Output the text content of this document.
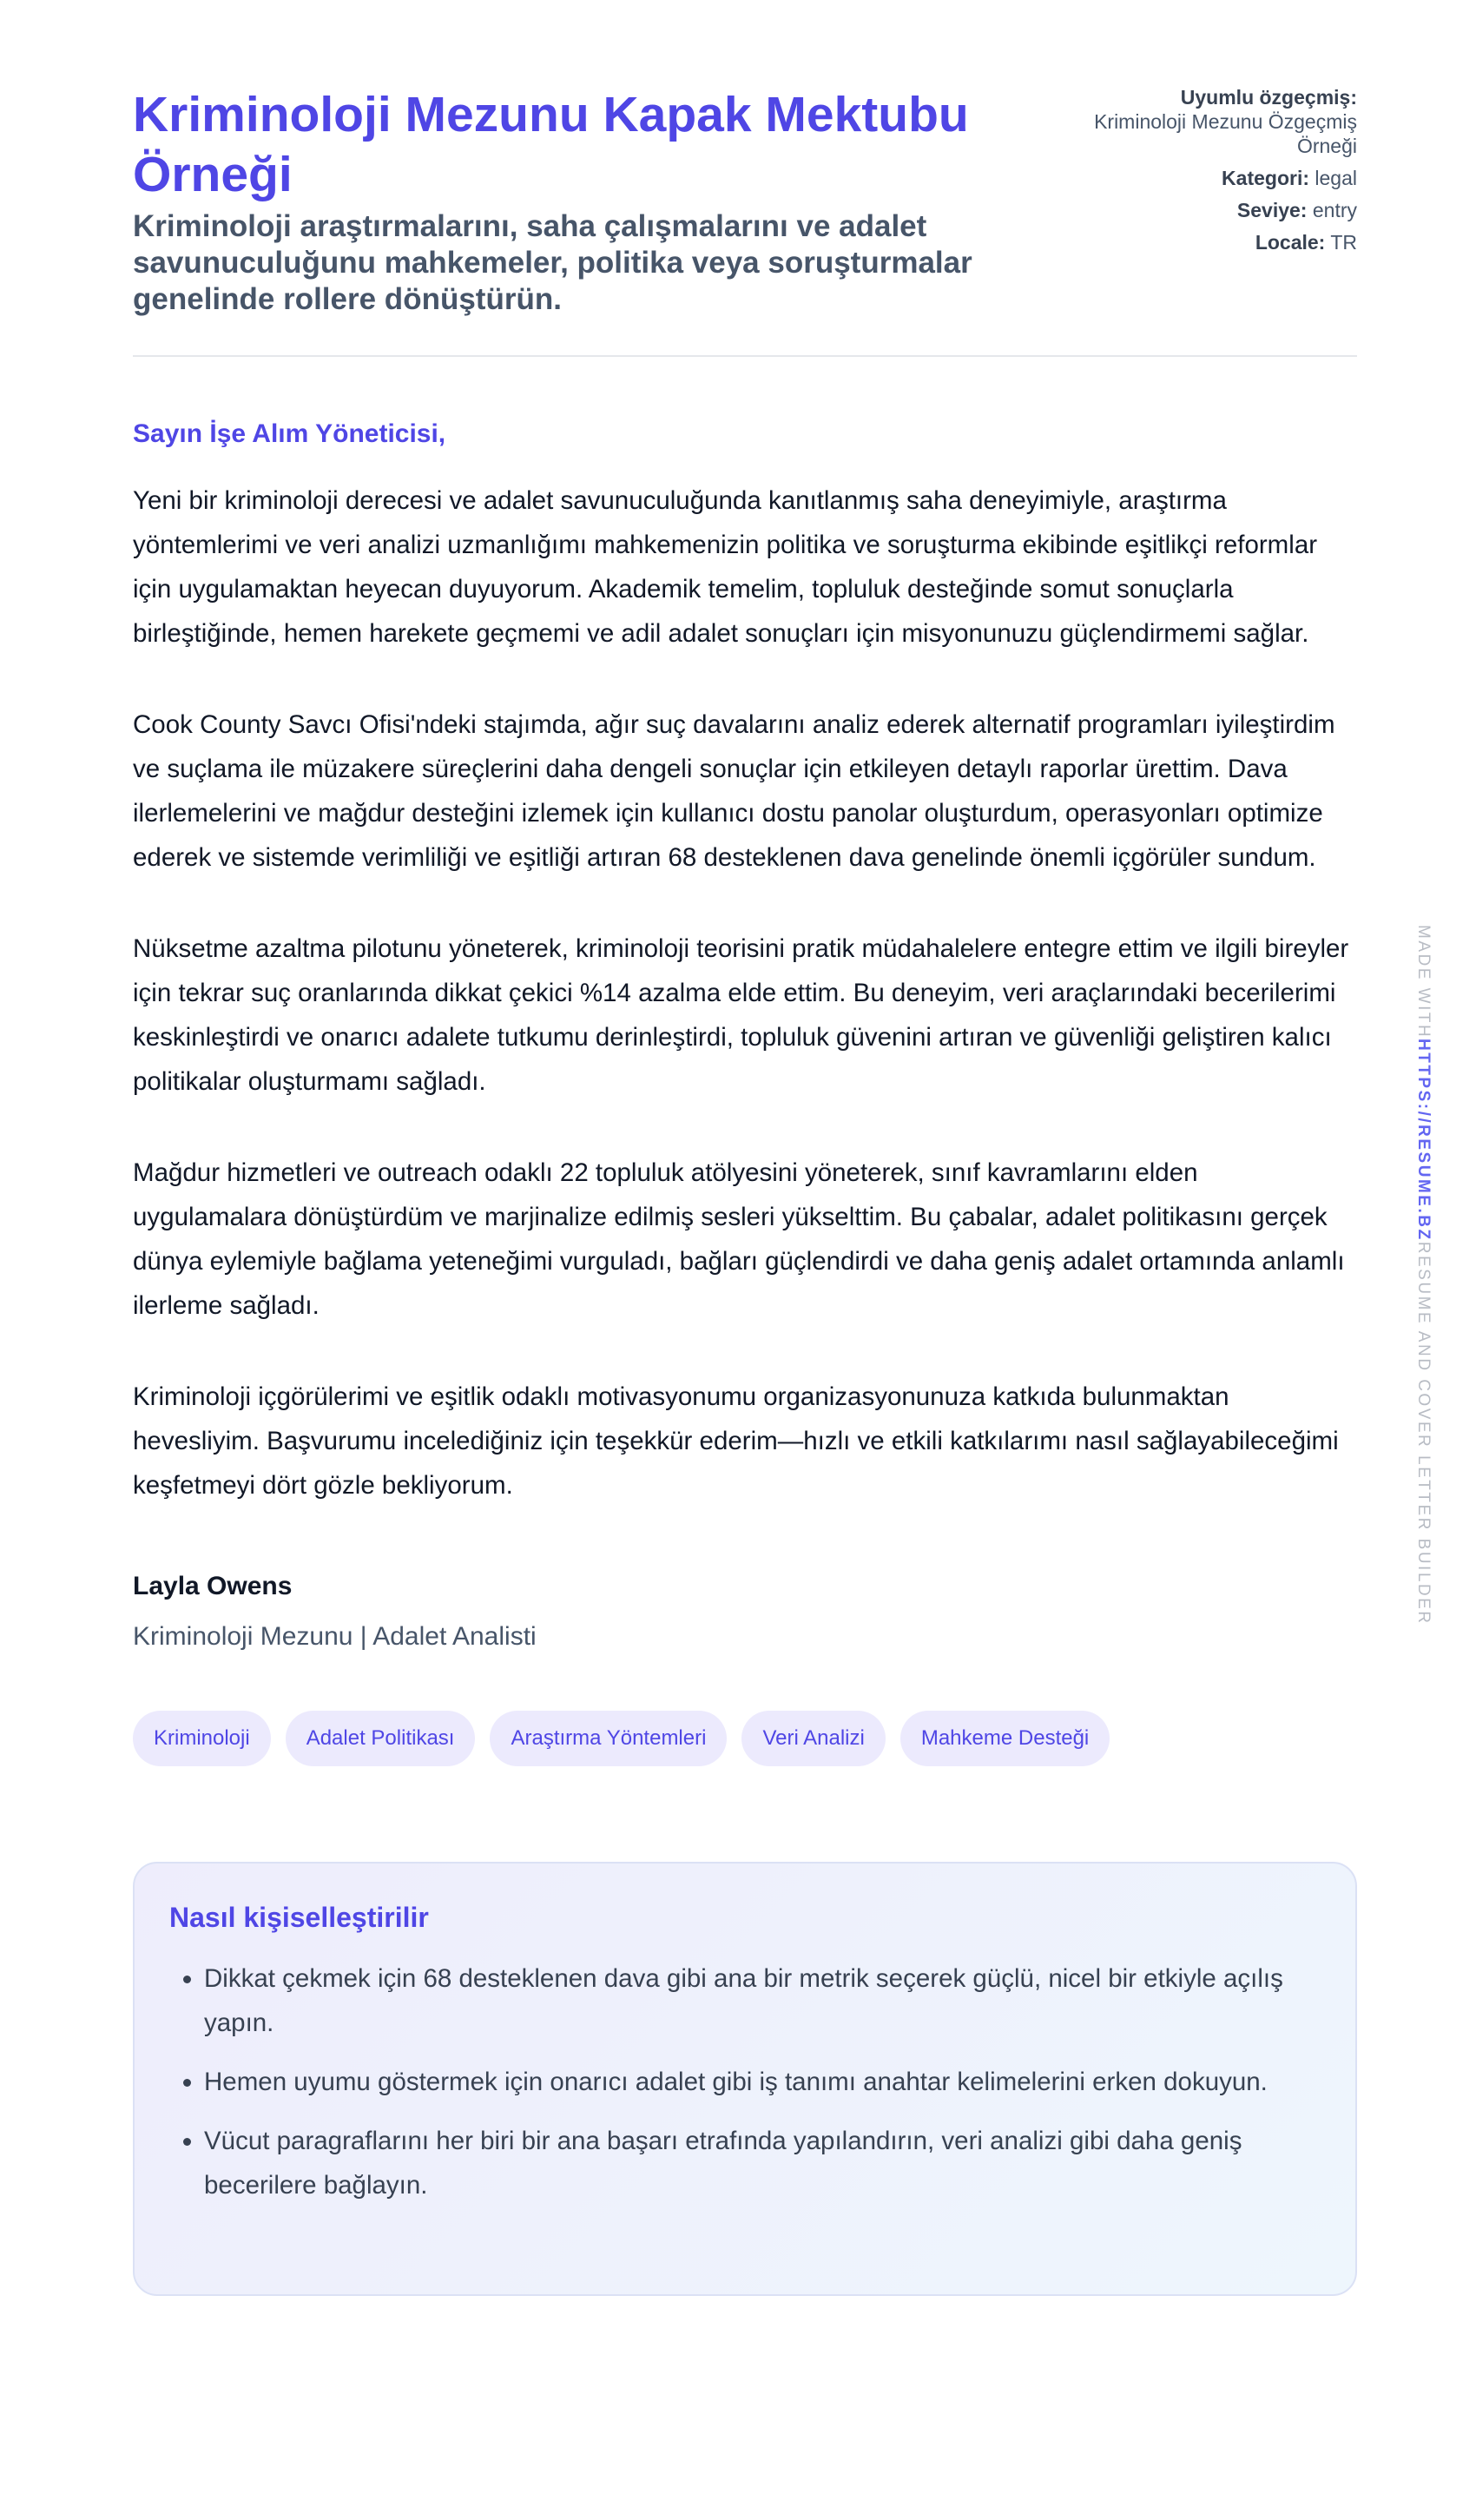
Kriminoloji Mezunu Kapak Mektubu Örneği

Kriminoloji araştırmalarını, saha çalışmalarını ve adalet savunuculuğunu mahkemeler, politika veya soruşturmalar genelinde rollere dönüştürün.

Uyumlu özgeçmiş:
Kriminoloji Mezunu Özgeçmiş Örneği
Kategori: legal
Seviye: entry
Locale: TR
Sayın İşe Alım Yöneticisi,

Yeni bir kriminoloji derecesi ve adalet savunuculuğunda kanıtlanmış saha deneyimiyle, araştırma yöntemlerimi ve veri analizi uzmanlığımı mahkemenizin politika ve soruşturma ekibinde eşitlikçi reformlar için uygulamaktan heyecan duyuyorum. Akademik temelim, topluluk desteğinde somut sonuçlarla birleştiğinde, hemen harekete geçmemi ve adil adalet sonuçları için misyonunuzu güçlendirmemi sağlar.

Cook County Savcı Ofisi'ndeki stajımda, ağır suç davalarını analiz ederek alternatif programları iyileştirdim ve suçlama ile müzakere süreçlerini daha dengeli sonuçlar için etkileyen detaylı raporlar ürettim. Dava ilerlemelerini ve mağdur desteğini izlemek için kullanıcı dostu panolar oluşturdum, operasyonları optimize ederek ve sistemde verimliliği ve eşitliği artıran 68 desteklenen dava genelinde önemli içgörüler sundum.

Nüksetme azaltma pilotunu yöneterek, kriminoloji teorisini pratik müdahalelere entegre ettim ve ilgili bireyler için tekrar suç oranlarında dikkat çekici %14 azalma elde ettim. Bu deneyim, veri araçlarındaki becerilerimi keskinleştirdi ve onarıcı adalete tutkumu derinleştirdi, topluluk güvenini artıran ve güvenliği geliştiren kalıcı politikalar oluşturmamı sağladı.

Mağdur hizmetleri ve outreach odaklı 22 topluluk atölyesini yöneterek, sınıf kavramlarını elden uygulamalara dönüştürdüm ve marjinalize edilmiş sesleri yükselttim. Bu çabalar, adalet politikasını gerçek dünya eylemiyle bağlama yeteneğimi vurguladı, bağları güçlendirdi ve daha geniş adalet ortamında anlamlı ilerleme sağladı.

Kriminoloji içgörülerimi ve eşitlik odaklı motivasyonumu organizasyonunuza katkıda bulunmaktan hevesliyim. Başvurumu incelediğiniz için teşekkür ederim—hızlı ve etkili katkılarımı nasıl sağlayabileceğimi keşfetmeyi dört gözle bekliyorum.

Layla Owens
Kriminoloji Mezunu | Adalet Analisti
Kriminoloji	Adalet Politikası	Araştırma Yöntemleri	Veri Analizi	Mahkeme Desteği
Nasıl kişiselleştirilir
• Dikkat çekmek için 68 desteklenen dava gibi ana bir metrik seçerek güçlü, nicel bir etkiyle açılış yapın.
• Hemen uyumu göstermek için onarıcı adalet gibi iş tanımı anahtar kelimelerini erken dokuyun.
• Vücut paragraflarını her biri bir ana başarı etrafında yapılandırın, veri analizi gibi daha geniş becerilere bağlayın.
MADE WITHHTTPS://RESUME.BZRESUME AND COVER LETTER BUILDER
